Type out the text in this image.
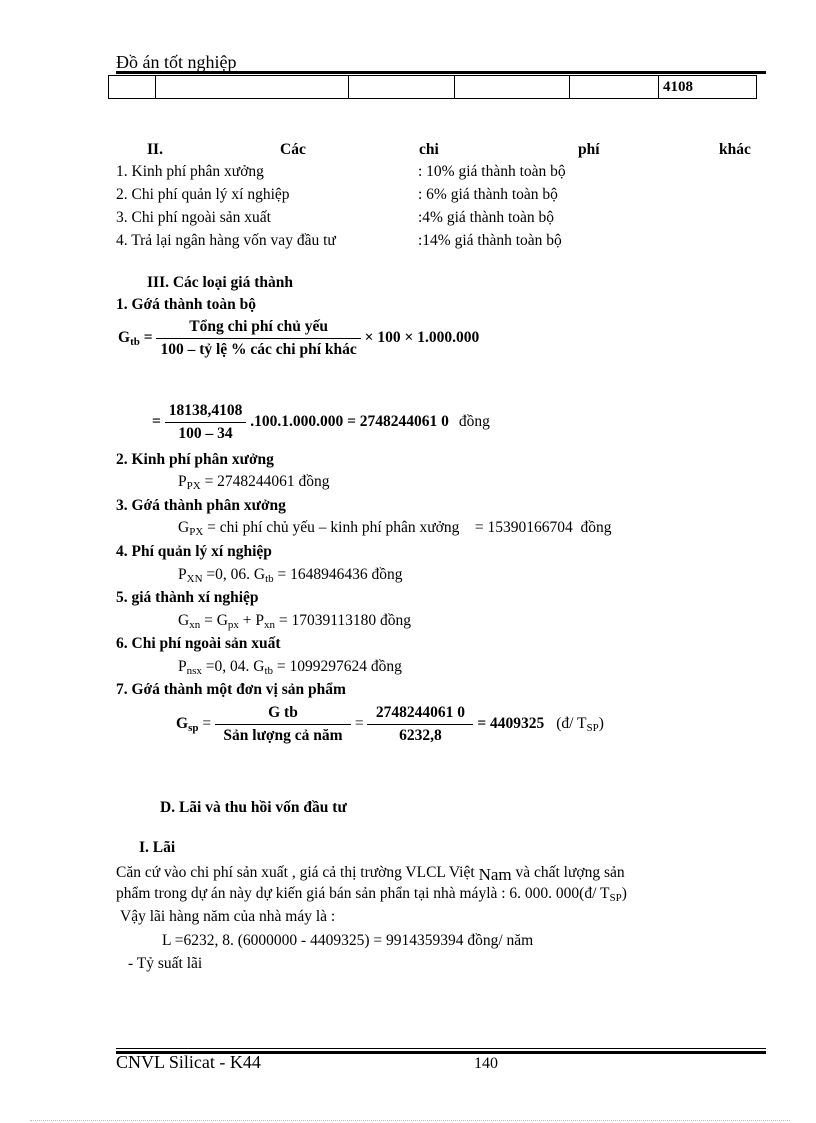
Đồ án tốt nghiệp
					4108
II.	Các	chi	phí	khác
1. Kinh phí phân xưởng	: 10% giá thành toàn bộ
2. Chi phí quản lý xí nghiệp	: 6% giá thành toàn bộ
3. Chi phí ngoài sản xuất	:4% giá thành toàn bộ
4. Trả lại ngân hàng vốn vay đầu tư	:14% giá thành toàn bộ
III. Các loại giá thành
1. Gớá thành toàn bộ
$G_{tb} = \frac{\text{Tổng chi phí chủ yếu}}{\text{100 – tỷ lệ \% các chi phí khác}} \times 100 \times 1.000.000$
= $\frac{18138,4108}{100 - 34} .100.1.000.000 = 2748244061$ 0 đồng
2. Kinh phí phân xưởng
$P_{PX} = 2748244061$ đồng
3. Gớá thành phân xưởng
$G_{PX}$ = chi phí chủ yếu – kinh phí phân xưởng    = 15390166704  đồng
4. Phí quản lý xí nghiệp
$P_{XN} =0$, 06. $G_{tb} = 1648946436$ đồng
5. giá thành xí nghiệp
$G_{xn} = G_{px} + P_{xn} = 17039113180$ đồng
6. Chi phí ngoài sản xuất
$P_{nsx} =0$, 04. $G_{tb} = 1099297624$ đồng
7. Gớá thành một đơn vị sản phẩm
$G_{sp} = \frac{\text{G tb}}{\text{Sản lượng cả năm}} = \frac{2748244061 0}{6232,8} = 4409325$ (đ/ $T_{SP}$)
D. Lãi và thu hồi vốn đầu tư
I. Lãi
Căn cứ vào chi phí sản xuất , giá cả thị trường VLCL Việt Nam và chất lượng sản
phẩm trong dự án này dự kiến giá bán sản phẩn tại nhà máylà : 6. 000. 000(đ/ $T_{SP}$)
Vậy lãi hàng năm của nhà máy là :
L =6232, 8. (6000000 - 4409325) = 9914359394 đồng/ năm
- Tỷ suất lãi
CNVL Silicat - K44	140
